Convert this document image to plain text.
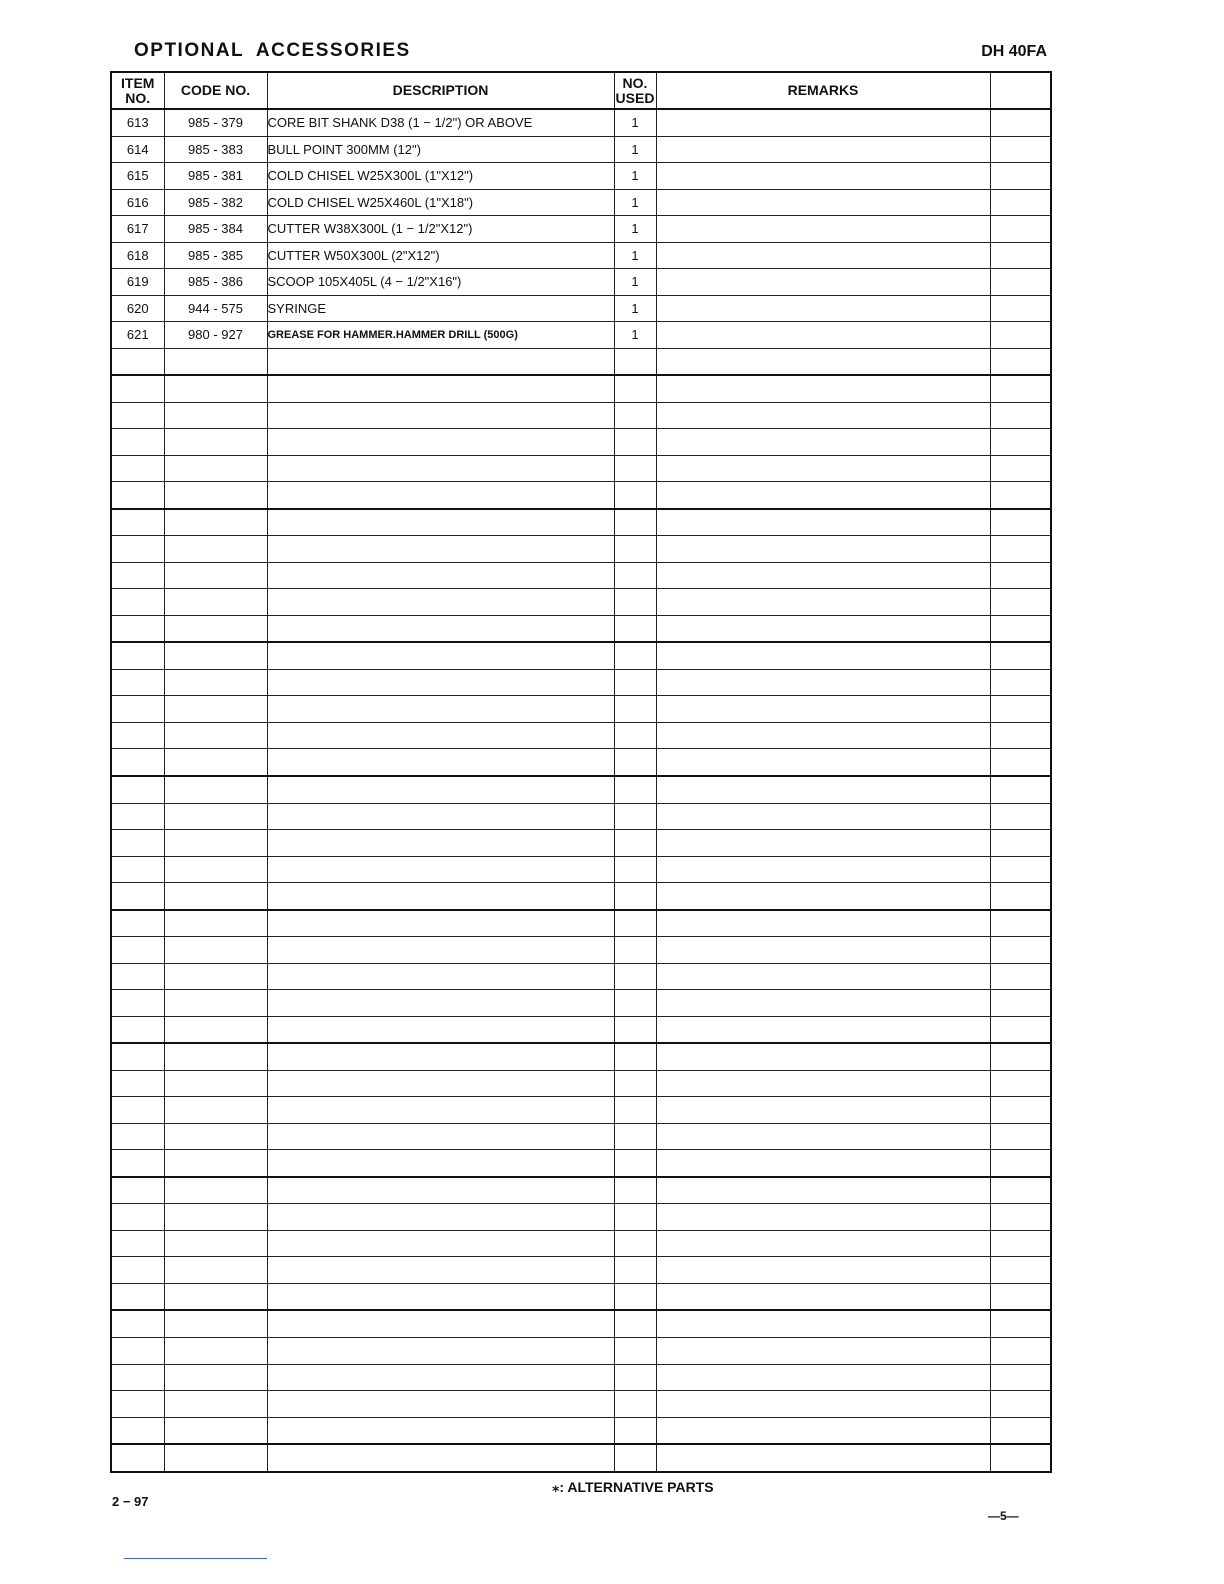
OPTIONAL ACCESSORIES	DH 40FA
ITEM
NO.	CODE NO.	DESCRIPTION	NO.
USED	REMARKS	
613	985 - 379	CORE BIT SHANK D38 (1 − 1/2") OR ABOVE	1		
614	985 - 383	BULL POINT 300MM (12")	1		
615	985 - 381	COLD CHISEL W25X300L (1"X12")	1		
616	985 - 382	COLD CHISEL W25X460L (1"X18")	1		
617	985 - 384	CUTTER W38X300L (1 − 1/2"X12")	1		
618	985 - 385	CUTTER W50X300L (2"X12")	1		
619	985 - 386	SCOOP 105X405L (4 − 1/2"X16")	1		
620	944 - 575	SYRINGE	1		
621	980 - 927	GREASE FOR HAMMER.HAMMER DRILL (500G)	1		

⁎: ALTERNATIVE PARTS
2 − 97
—5—
